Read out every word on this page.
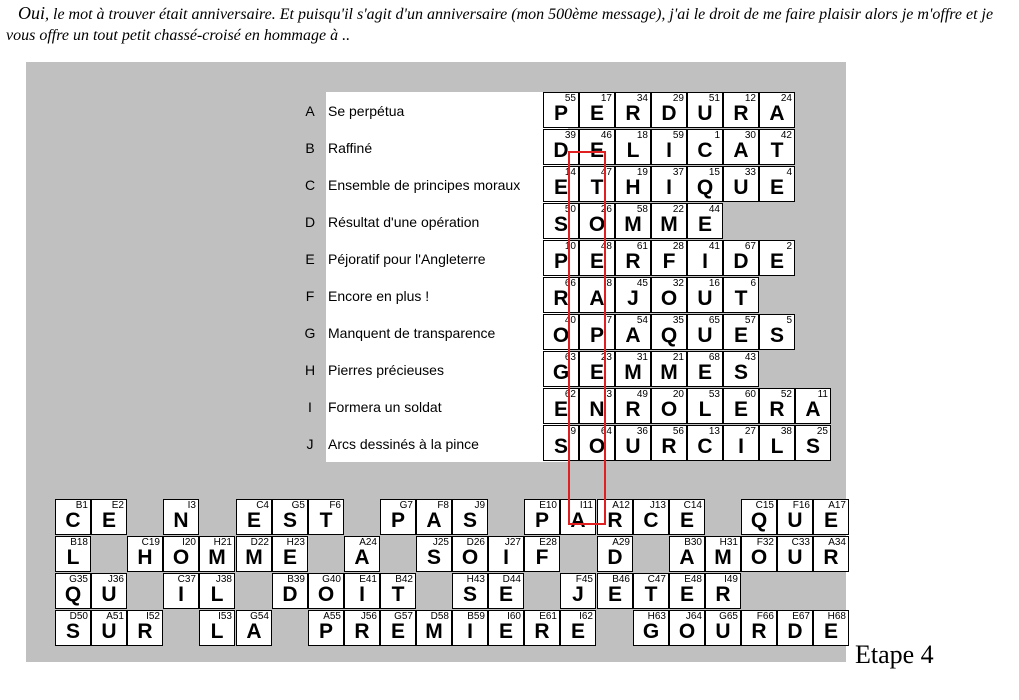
Oui, le mot à trouver était anniversaire. Et puisqu'il s'agit d'un anniversaire (mon 500ème message), j'ai le droit de me faire plaisir alors je m'offre et je vous offre un tout petit chassé-croisé en hommage à ..
A Se perpétua
55
P
17
E
34
R
29
D
51
U
12
R
24
A
B Raffiné
39
D
46
E
18
L
59
I
1
C
30
A
42
T
C Ensemble de principes moraux
14
E
47
T
19
H
37
I
15
Q
33
U
4
E
D Résultat d'une opération
50
S
26
O
58
M
22
M
44
E
E Péjoratif pour l'Angleterre
10
P
48
E
61
R
28
F
41
I
67
D
2
E
F Encore en plus !
66
R
8
A
45
J
32
O
16
U
6
T
G Manquent de transparence
40
O
7
P
54
A
35
Q
65
U
57
E
5
S
H Pierres précieuses
63
G
23
E
31
M
21
M
68
E
43
S
I	Formera un soldat
62
E
3
N
49
R
20
O
53
L
60
E
52
R
11
A
J	Arcs dessinés à la pince
9
S
64
O
36
U
56
R
13
C
27
I
38
L
25
S
B1
C
E2
E
I3
N
C4
E
G5
S
F6
T
G7
P
F8
A
J9
S
E10
P
I11
A
A12
R
J13
C
C14
E
C15
Q
F16
U
A17
E
B18
L
C19
H
I20
O
H21
M
D22
M
H23
E
A24
A
J25
S
D26
O
J27
I
E28
F
A29
D
B30
A
H31
M
F32
O
C33
U
A34
R
G35
Q
J36
U
C37
I
J38
L
B39
D
G40
O
E41
I
B42
T
H43
S
D44
E
F45
J
B46
E
C47
T
E48
E
I49
R
D50
S
A51
U
I52
R
I53
L
G54
A
A55
P
J56
R
G57
E
D58
M
B59
I
I60
E
E61
R
I62
E
H63
G
J64
O
G65
U
F66
R
E67
D
H68
E
Etape 4
